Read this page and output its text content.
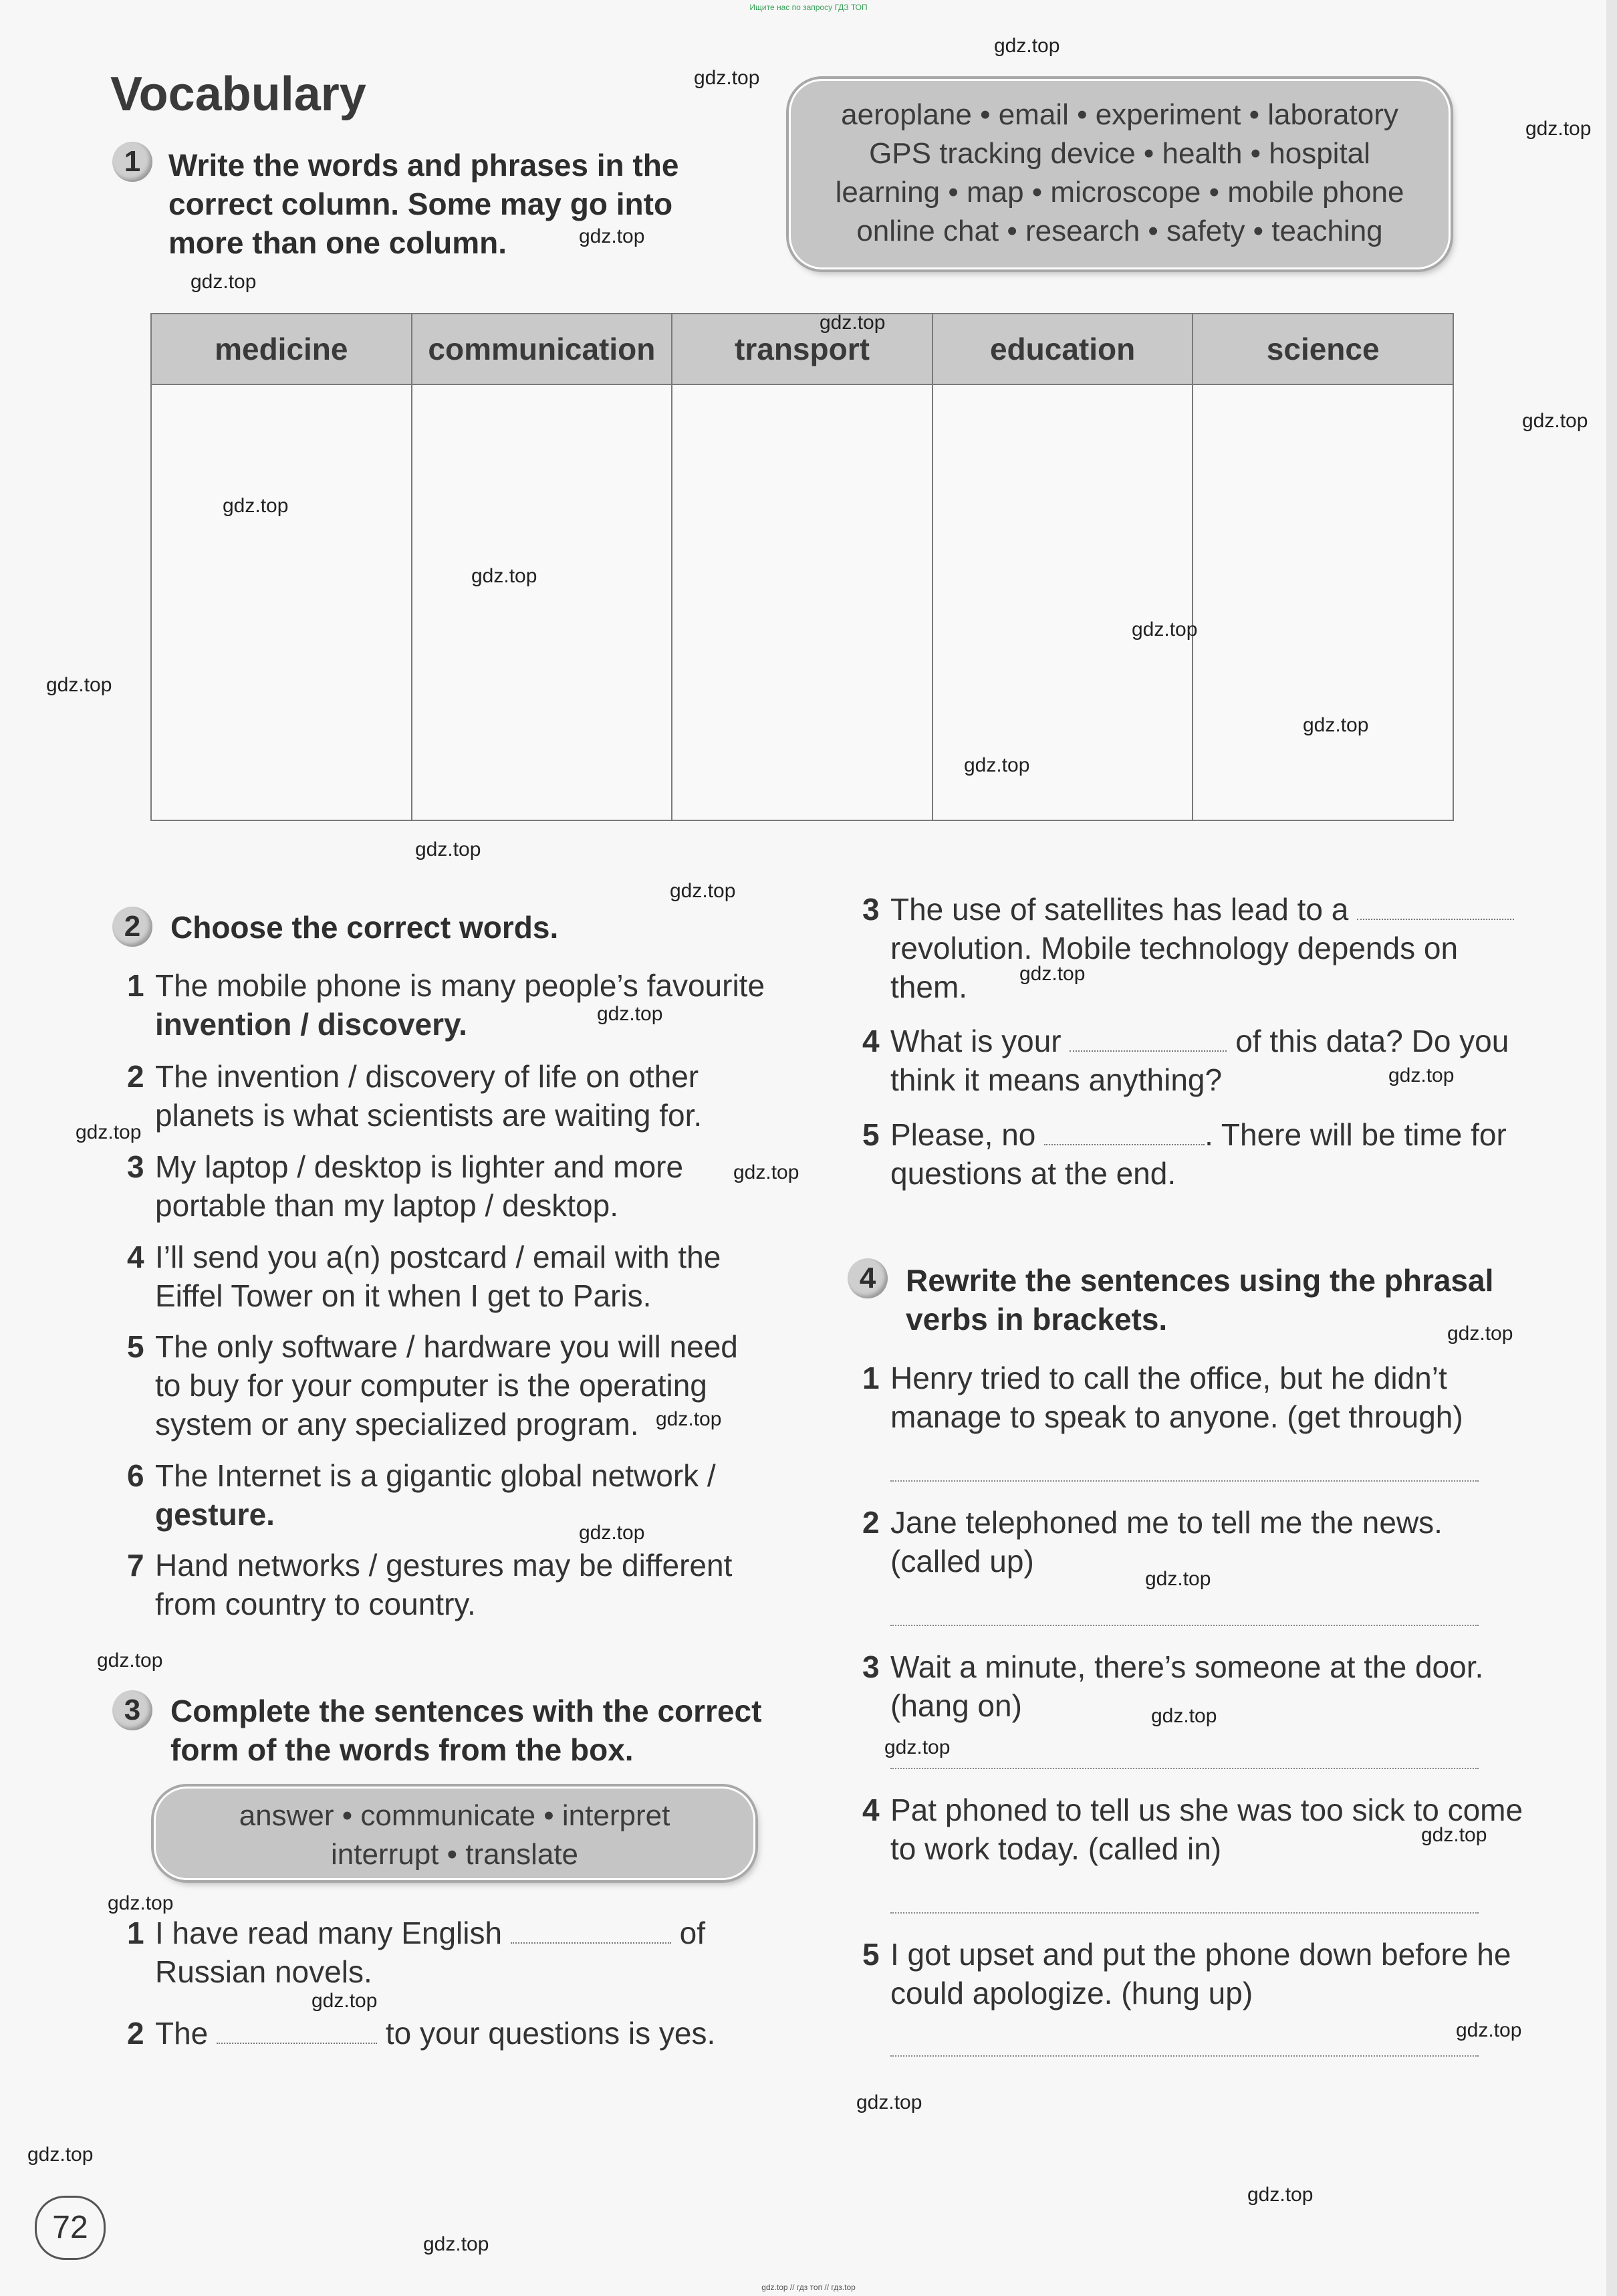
Ищите нас по запросу ГДЗ ТОП
Vocabulary
1 Write the words and phrases in the
correct column. Some may go into
more than one column.
aeroplane • email • experiment • laboratory
GPS tracking device • health • hospital
learning • map • microscope • mobile phone
online chat • research • safety • teaching
medicine	communication	transport	education	science

2 Choose the correct words.
1 The mobile phone is many people’s favourite
invention / discovery.
2 The invention / discovery of life on other
planets is what scientists are waiting for.
3 My laptop / desktop is lighter and more
portable than my laptop / desktop.
4 I’ll send you a(n) postcard / email with the
Eiffel Tower on it when I get to Paris.
5 The only software / hardware you will need
to buy for your computer is the operating
system or any specialized program.
6 The Internet is a gigantic global network /
gesture.
7 Hand networks / gestures may be different
from country to country.
3 Complete the sentences with the correct
form of the words from the box.
answer • communicate • interpret
interrupt • translate
1 I have read many English	of
Russian novels.
2 The	to your questions is yes.
3 The use of satellites has lead to a
revolution. Mobile technology depends on
them.
4 What is your	of this data? Do you
think it means anything?
5 Please, no	. There will be time for
questions at the end.
4 Rewrite the sentences using the phrasal
verbs in brackets.
1 Henry tried to call the office, but he didn’t
manage to speak to anyone. (get through)
2 Jane telephoned me to tell me the news.
(called up)
3 Wait a minute, there’s someone at the door.
(hang on)
4 Pat phoned to tell us she was too sick to come
to work today. (called in)
5 I got upset and put the phone down before he
could apologize. (hung up)
72
gdz.top
gdz.top
gdz.top
gdz.top
gdz.top
gdz.top
gdz.top
gdz.top
gdz.top
gdz.top
gdz.top
gdz.top
gdz.top
gdz.top
gdz.top
gdz.top
gdz.top
gdz.top
gdz.top
gdz.top
gdz.top
gdz.top
gdz.top
gdz.top
gdz.top
gdz.top
gdz.top
gdz.top
gdz.top
gdz.top
gdz.top
gdz.top
gdz.top
gdz.top
gdz.top
gdz.top // гдз топ // гдз.top
